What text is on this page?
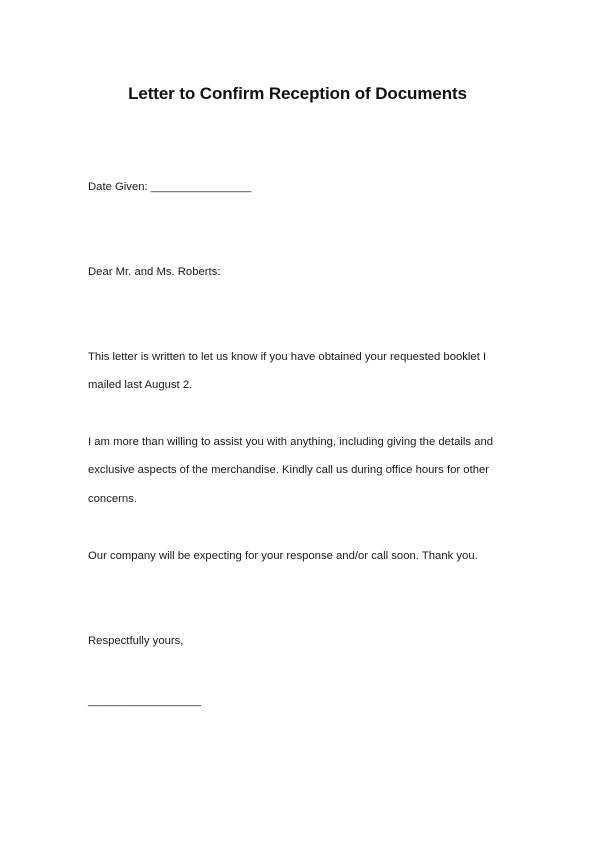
Letter to Confirm Reception of Documents
Date Given: ________________
Dear Mr. and Ms. Roberts:
This letter is written to let us know if you have obtained your requested booklet I
mailed last August 2.
I am more than willing to assist you with anything, including giving the details and
exclusive aspects of the merchandise. Kindly call us during office hours for other
concerns.
Our company will be expecting for your response and/or call soon. Thank you.
Respectfully yours,
__________________
